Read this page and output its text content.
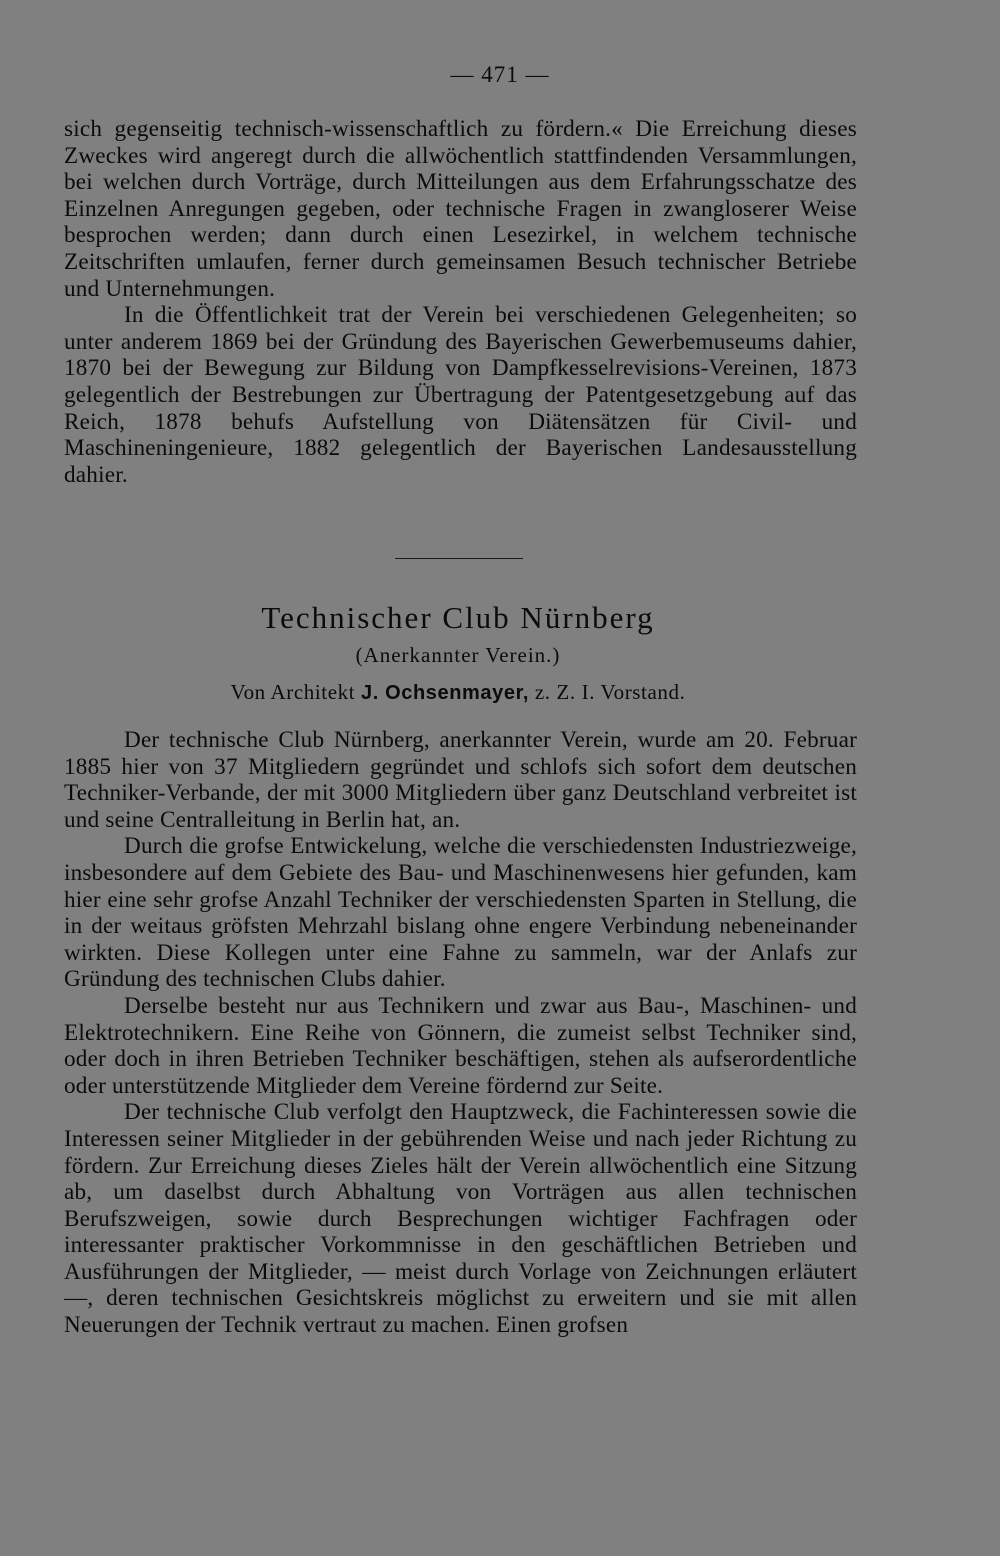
— 471 —

sich gegenseitig technisch-wissenschaftlich zu fördern.« Die Erreichung dieses Zweckes wird angeregt durch die allwöchentlich stattfindenden Versammlungen, bei welchen durch Vorträge, durch Mitteilungen aus dem Erfahrungsschatze des Einzelnen Anregungen gegeben, oder technische Fragen in zwangloserer Weise besprochen werden; dann durch einen Lesezirkel, in welchem technische Zeitschriften umlaufen, ferner durch gemeinsamen Besuch technischer Betriebe und Unternehmungen.

In die Öffentlichkeit trat der Verein bei verschiedenen Gelegenheiten; so unter anderem 1869 bei der Gründung des Bayerischen Gewerbemuseums dahier, 1870 bei der Bewegung zur Bildung von Dampfkesselrevisions-Vereinen, 1873 gelegentlich der Bestrebungen zur Übertragung der Patentgesetzgebung auf das Reich, 1878 behufs Aufstellung von Diätensätzen für Civil- und Maschineningenieure, 1882 gelegentlich der Bayerischen Landesausstellung dahier.

Technischer Club Nürnberg
(Anerkannter Verein.)
Von Architekt J. Ochsenmayer, z. Z. I. Vorstand.

Der technische Club Nürnberg, anerkannter Verein, wurde am 20. Februar 1885 hier von 37 Mitgliedern gegründet und schlofs sich sofort dem deutschen Techniker-Verbande, der mit 3000 Mitgliedern über ganz Deutschland verbreitet ist und seine Centralleitung in Berlin hat, an.

Durch die grofse Entwickelung, welche die verschiedensten Industriezweige, insbesondere auf dem Gebiete des Bau- und Maschinenwesens hier gefunden, kam hier eine sehr grofse Anzahl Techniker der verschiedensten Sparten in Stellung, die in der weitaus gröfsten Mehrzahl bislang ohne engere Verbindung nebeneinander wirkten. Diese Kollegen unter eine Fahne zu sammeln, war der Anlafs zur Gründung des technischen Clubs dahier.

Derselbe besteht nur aus Technikern und zwar aus Bau-, Maschinen- und Elektrotechnikern. Eine Reihe von Gönnern, die zumeist selbst Techniker sind, oder doch in ihren Betrieben Techniker beschäftigen, stehen als aufserordentliche oder unterstützende Mitglieder dem Vereine fördernd zur Seite.

Der technische Club verfolgt den Hauptzweck, die Fachinteressen sowie die Interessen seiner Mitglieder in der gebührenden Weise und nach jeder Richtung zu fördern. Zur Erreichung dieses Zieles hält der Verein allwöchentlich eine Sitzung ab, um daselbst durch Abhaltung von Vorträgen aus allen technischen Berufszweigen, sowie durch Besprechungen wichtiger Fachfragen oder interessanter praktischer Vorkommnisse in den geschäftlichen Betrieben und Ausführungen der Mitglieder, — meist durch Vorlage von Zeichnungen erläutert —, deren technischen Gesichtskreis möglichst zu erweitern und sie mit allen Neuerungen der Technik vertraut zu machen. Einen grofsen
